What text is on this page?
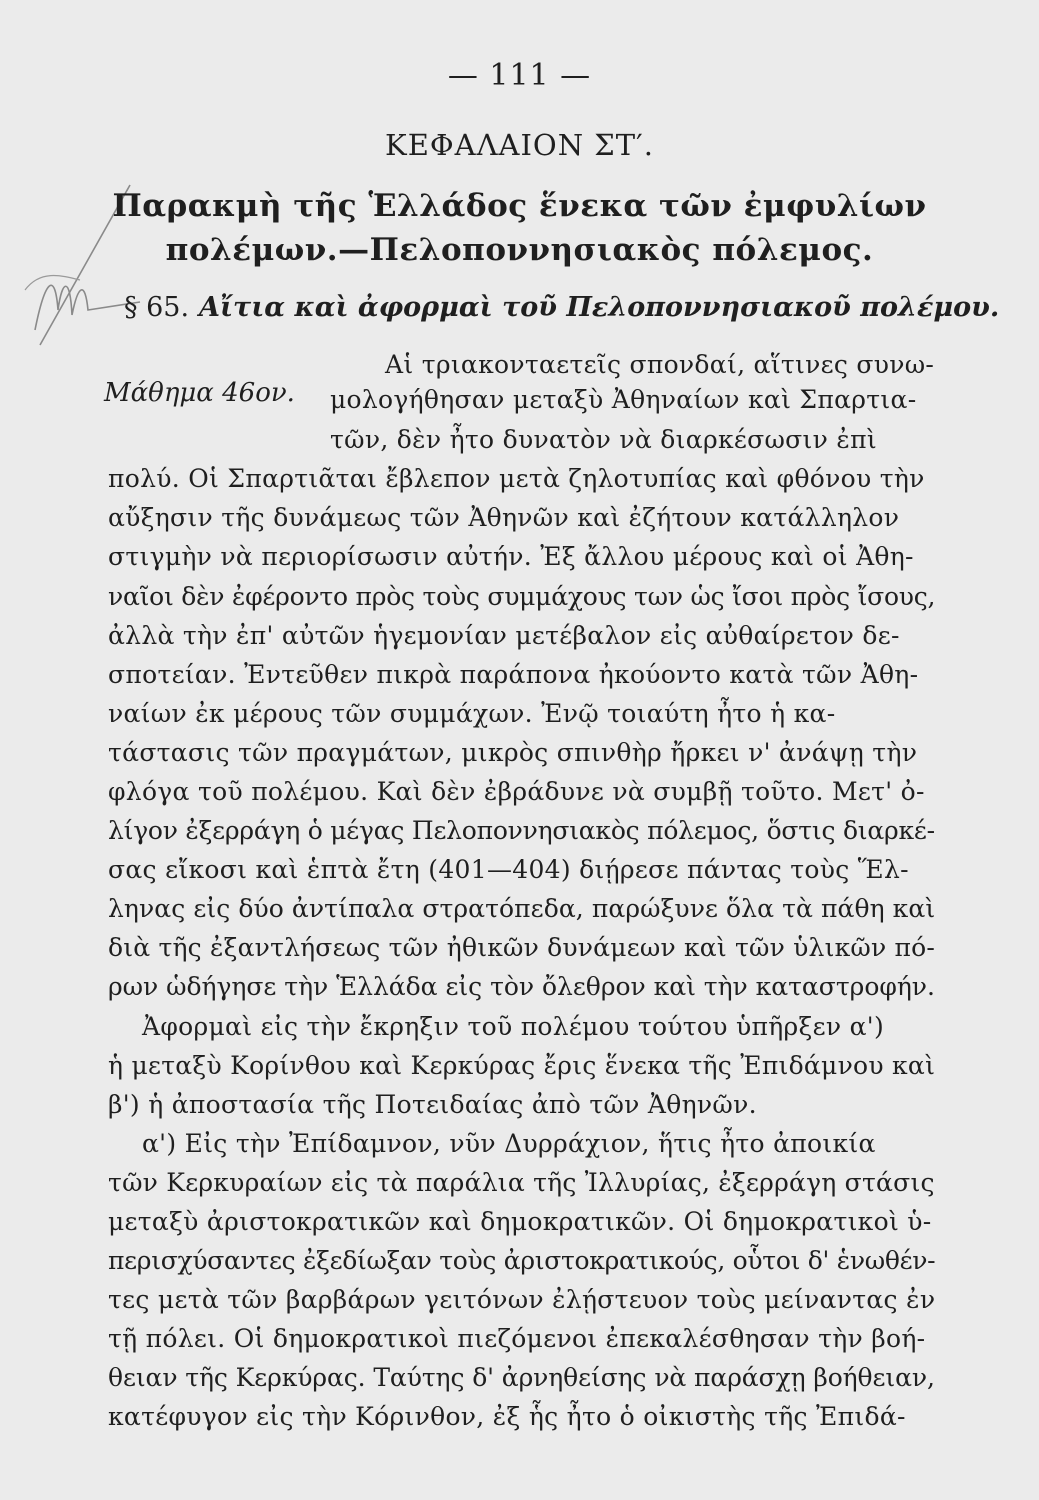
— 111 —
ΚΕΦΑΛΑΙΟΝ ΣΤ′.
Παρακμὴ τῆς Ἑλλάδος ἕνεκα τῶν ἐμφυλίων
πολέμων.—Πελοποννησιακὸς πόλεμος.
§ 65. Αἴτια καὶ ἀφορμαὶ τοῦ Πελοποννησιακοῦ πολέμου.
Μάθημα 46ον.
Αἱ τριακονταετεῖς σπονδαί, αἵτινες συνω-
μολογήθησαν μεταξὺ Ἀθηναίων καὶ Σπαρτια-
τῶν, δὲν ἦτο δυνατὸν νὰ διαρκέσωσιν ἐπὶ
πολύ. Οἱ Σπαρτιᾶται ἔβλεπον μετὰ ζηλοτυπίας καὶ φθόνου τὴν
αὔξησιν τῆς δυνάμεως τῶν Ἀθηνῶν καὶ ἐζήτουν κατάλληλον
στιγμὴν νὰ περιορίσωσιν αὐτήν. Ἐξ ἄλλου μέρους καὶ οἱ Ἀθη-
ναῖοι δὲν ἐφέροντο πρὸς τοὺς συμμάχους των ὡς ἴσοι πρὸς ἴσους,
ἀλλὰ τὴν ἐπ' αὐτῶν ἡγεμονίαν μετέβαλον εἰς αὐθαίρετον δε-
σποτείαν. Ἐντεῦθεν πικρὰ παράπονα ἠκούοντο κατὰ τῶν Ἀθη-
ναίων ἐκ μέρους τῶν συμμάχων. Ἐνῷ τοιαύτη ἦτο ἡ κα-
τάστασις τῶν πραγμάτων, μικρὸς σπινθὴρ ἤρκει ν' ἀνάψῃ τὴν
φλόγα τοῦ πολέμου. Καὶ δὲν ἐβράδυνε νὰ συμβῇ τοῦτο. Μετ' ὀ-
λίγον ἐξερράγη ὁ μέγας Πελοποννησιακὸς πόλεμος, ὅστις διαρκέ-
σας εἴκοσι καὶ ἑπτὰ ἔτη (401—404) διῄρεσε πάντας τοὺς Ἕλ-
ληνας εἰς δύο ἀντίπαλα στρατόπεδα, παρώξυνε ὅλα τὰ πάθη καὶ
διὰ τῆς ἐξαντλήσεως τῶν ἠθικῶν δυνάμεων καὶ τῶν ὑλικῶν πό-
ρων ὡδήγησε τὴν Ἑλλάδα εἰς τὸν ὄλεθρον καὶ τὴν καταστροφήν.
Ἀφορμαὶ εἰς τὴν ἔκρηξιν τοῦ πολέμου τούτου ὑπῆρξεν α')
ἡ μεταξὺ Κορίνθου καὶ Κερκύρας ἔρις ἕνεκα τῆς Ἐπιδάμνου καὶ
β') ἡ ἀποστασία τῆς Ποτειδαίας ἀπὸ τῶν Ἀθηνῶν.
α') Εἰς τὴν Ἐπίδαμνον, νῦν Δυρράχιον, ἥτις ἦτο ἀποικία
τῶν Κερκυραίων εἰς τὰ παράλια τῆς Ἰλλυρίας, ἐξερράγη στάσις
μεταξὺ ἀριστοκρατικῶν καὶ δημοκρατικῶν. Οἱ δημοκρατικοὶ ὑ-
περισχύσαντες ἐξεδίωξαν τοὺς ἀριστοκρατικούς, οὗτοι δ' ἑνωθέν-
τες μετὰ τῶν βαρβάρων γειτόνων ἐλῄστευον τοὺς μείναντας ἐν
τῇ πόλει. Οἱ δημοκρατικοὶ πιεζόμενοι ἐπεκαλέσθησαν τὴν βοή-
θειαν τῆς Κερκύρας. Ταύτης δ' ἀρνηθείσης νὰ παράσχῃ βοήθειαν,
κατέφυγον εἰς τὴν Κόρινθον, ἐξ ἧς ἦτο ὁ οἰκιστὴς τῆς Ἐπιδά-
